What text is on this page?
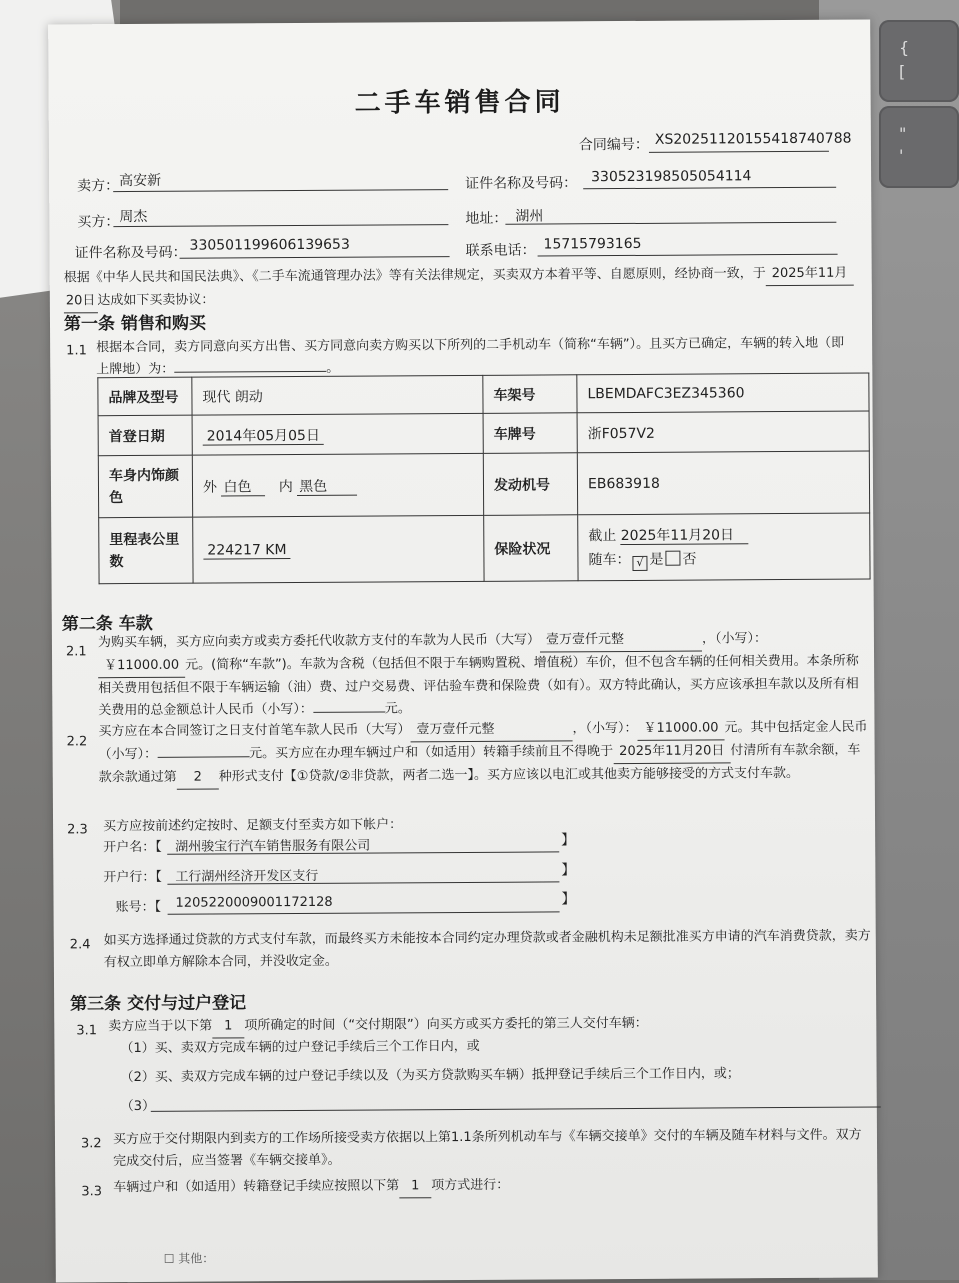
{
[
"
'
二手车销售合同
合同编号： XS20251120155418740788
卖方： 高安新	证件名称及号码： 330523198505054114
买方： 周杰	地址： 湖州
证件名称及号码： 330501199606139653	联系电话： 15715793165
根据《中华人民共和国民法典》、《二手车流通管理办法》等有关法律规定，买卖双方本着平等、自愿原则，经协商一致，于 2025年11月
20日 达成如下买卖协议：
第一条 销售和购买
1.1 根据本合同，卖方同意向买方出售、买方同意向卖方购买以下所列的二手机动车（简称“车辆”）。且买方已确定，车辆的转入地（即上牌地）为：	。
品牌及型号	现代 朗动	车架号	LBEMDAFC3EZ345360
首登日期	2014年05月05日	车牌号	浙F057V2
车身内饰颜色	外 白色 内 黑色	发动机号	EB683918
里程表公里数	224217 KM	保险状况	截止 2025年11月20日
随车： √ 是 否
第二条 车款
2.1
为购买车辆，买方应向卖方或卖方委托代收款方支付的车款为人民币（大写） 壹万壹仟元整	，（小写）：
￥11000.00 元。(简称“车款”)。车款为含税（包括但不限于车辆购置税、增值税）车价，但不包含车辆的任何相关费用。本条所称相关费用包括但不限于车辆运输（油）费、过户交易费、评估验车费和保险费（如有）。双方特此确认，买方应该承担车款以及所有相关费用的总金额总计人民币（小写）：	元。
2.2
买方应在本合同签订之日支付首笔车款人民币（大写） 壹万壹仟元整	，（小写）： ￥11000.00 元。其中包括定金人民币（小写）：	元。买方应在办理车辆过户和（如适用）转籍手续前且不得晚于 2025年11月20日 付清所有车款余额，车款余款通过第 2 种形式支付【①贷款/②非贷款，两者二选一】。买方应该以电汇或其他卖方能够接受的方式支付车款。
2.3 买方应按前述约定按时、足额支付至卖方如下帐户：
开户名：【 湖州骏宝行汽车销售服务有限公司	】
开户行：【 工行湖州经济开发区支行	】
账号：【 1205220009001172128	】
2.4 如买方选择通过贷款的方式支付车款，而最终买方未能按本合同约定办理贷款或者金融机构未足额批准买方申请的汽车消费贷款，卖方有权立即单方解除本合同，并没收定金。
第三条 交付与过户登记
3.1 卖方应当于以下第 1 项所确定的时间（“交付期限”）向买方或买方委托的第三人交付车辆：
（1）买、卖双方完成车辆的过户登记手续后三个工作日内，或
（2）买、卖双方完成车辆的过户登记手续以及（为买方贷款购买车辆）抵押登记手续后三个工作日内，或；
（3）
3.2 买方应于交付期限内到卖方的工作场所接受卖方依据以上第1.1条所列机动车与《车辆交接单》交付的车辆及随车材料与文件。双方完成交付后，应当签署《车辆交接单》。
3.3 车辆过户和（如适用）转籍登记手续应按照以下第 1 项方式进行：
☐ 其他：
